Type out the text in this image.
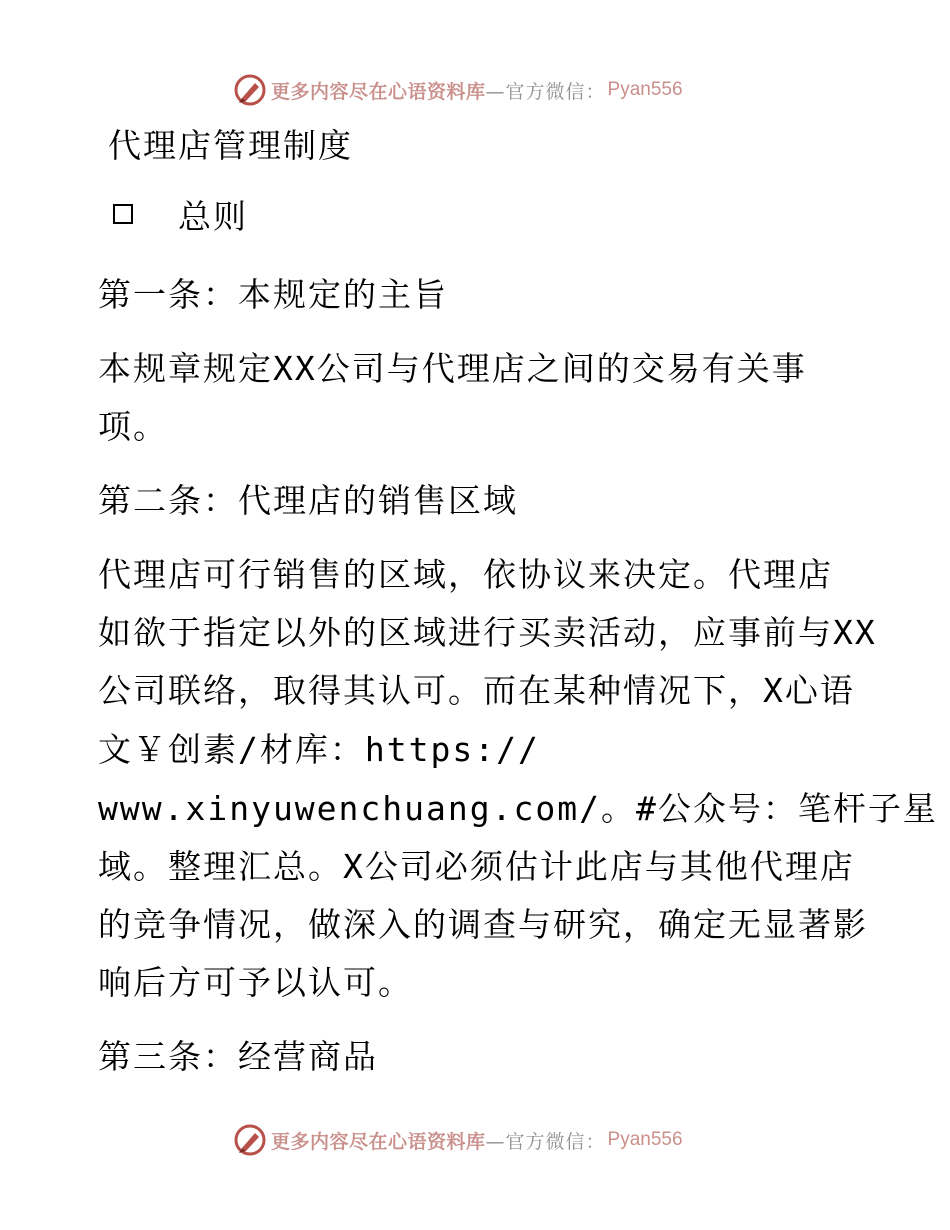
更多内容尽在心语资料库 —官方微信： Pyan556
代理店管理制度
总则
第一条：本规定的主旨
本规章规定XX公司与代理店之间的交易有关事
项。
第二条：代理店的销售区域
代理店可行销售的区域，依协议来决定。代理店
如欲于指定以外的区域进行买卖活动，应事前与XX
公司联络，取得其认可。而在某种情况下，X心语
文￥创素/材库：https://
www.xinyuwenchuang.com/。#公众号：笔杆子星
域。整理汇总。X公司必须估计此店与其他代理店
的竞争情况，做深入的调查与研究，确定无显著影
响后方可予以认可。
第三条：经营商品
更多内容尽在心语资料库 —官方微信： Pyan556
